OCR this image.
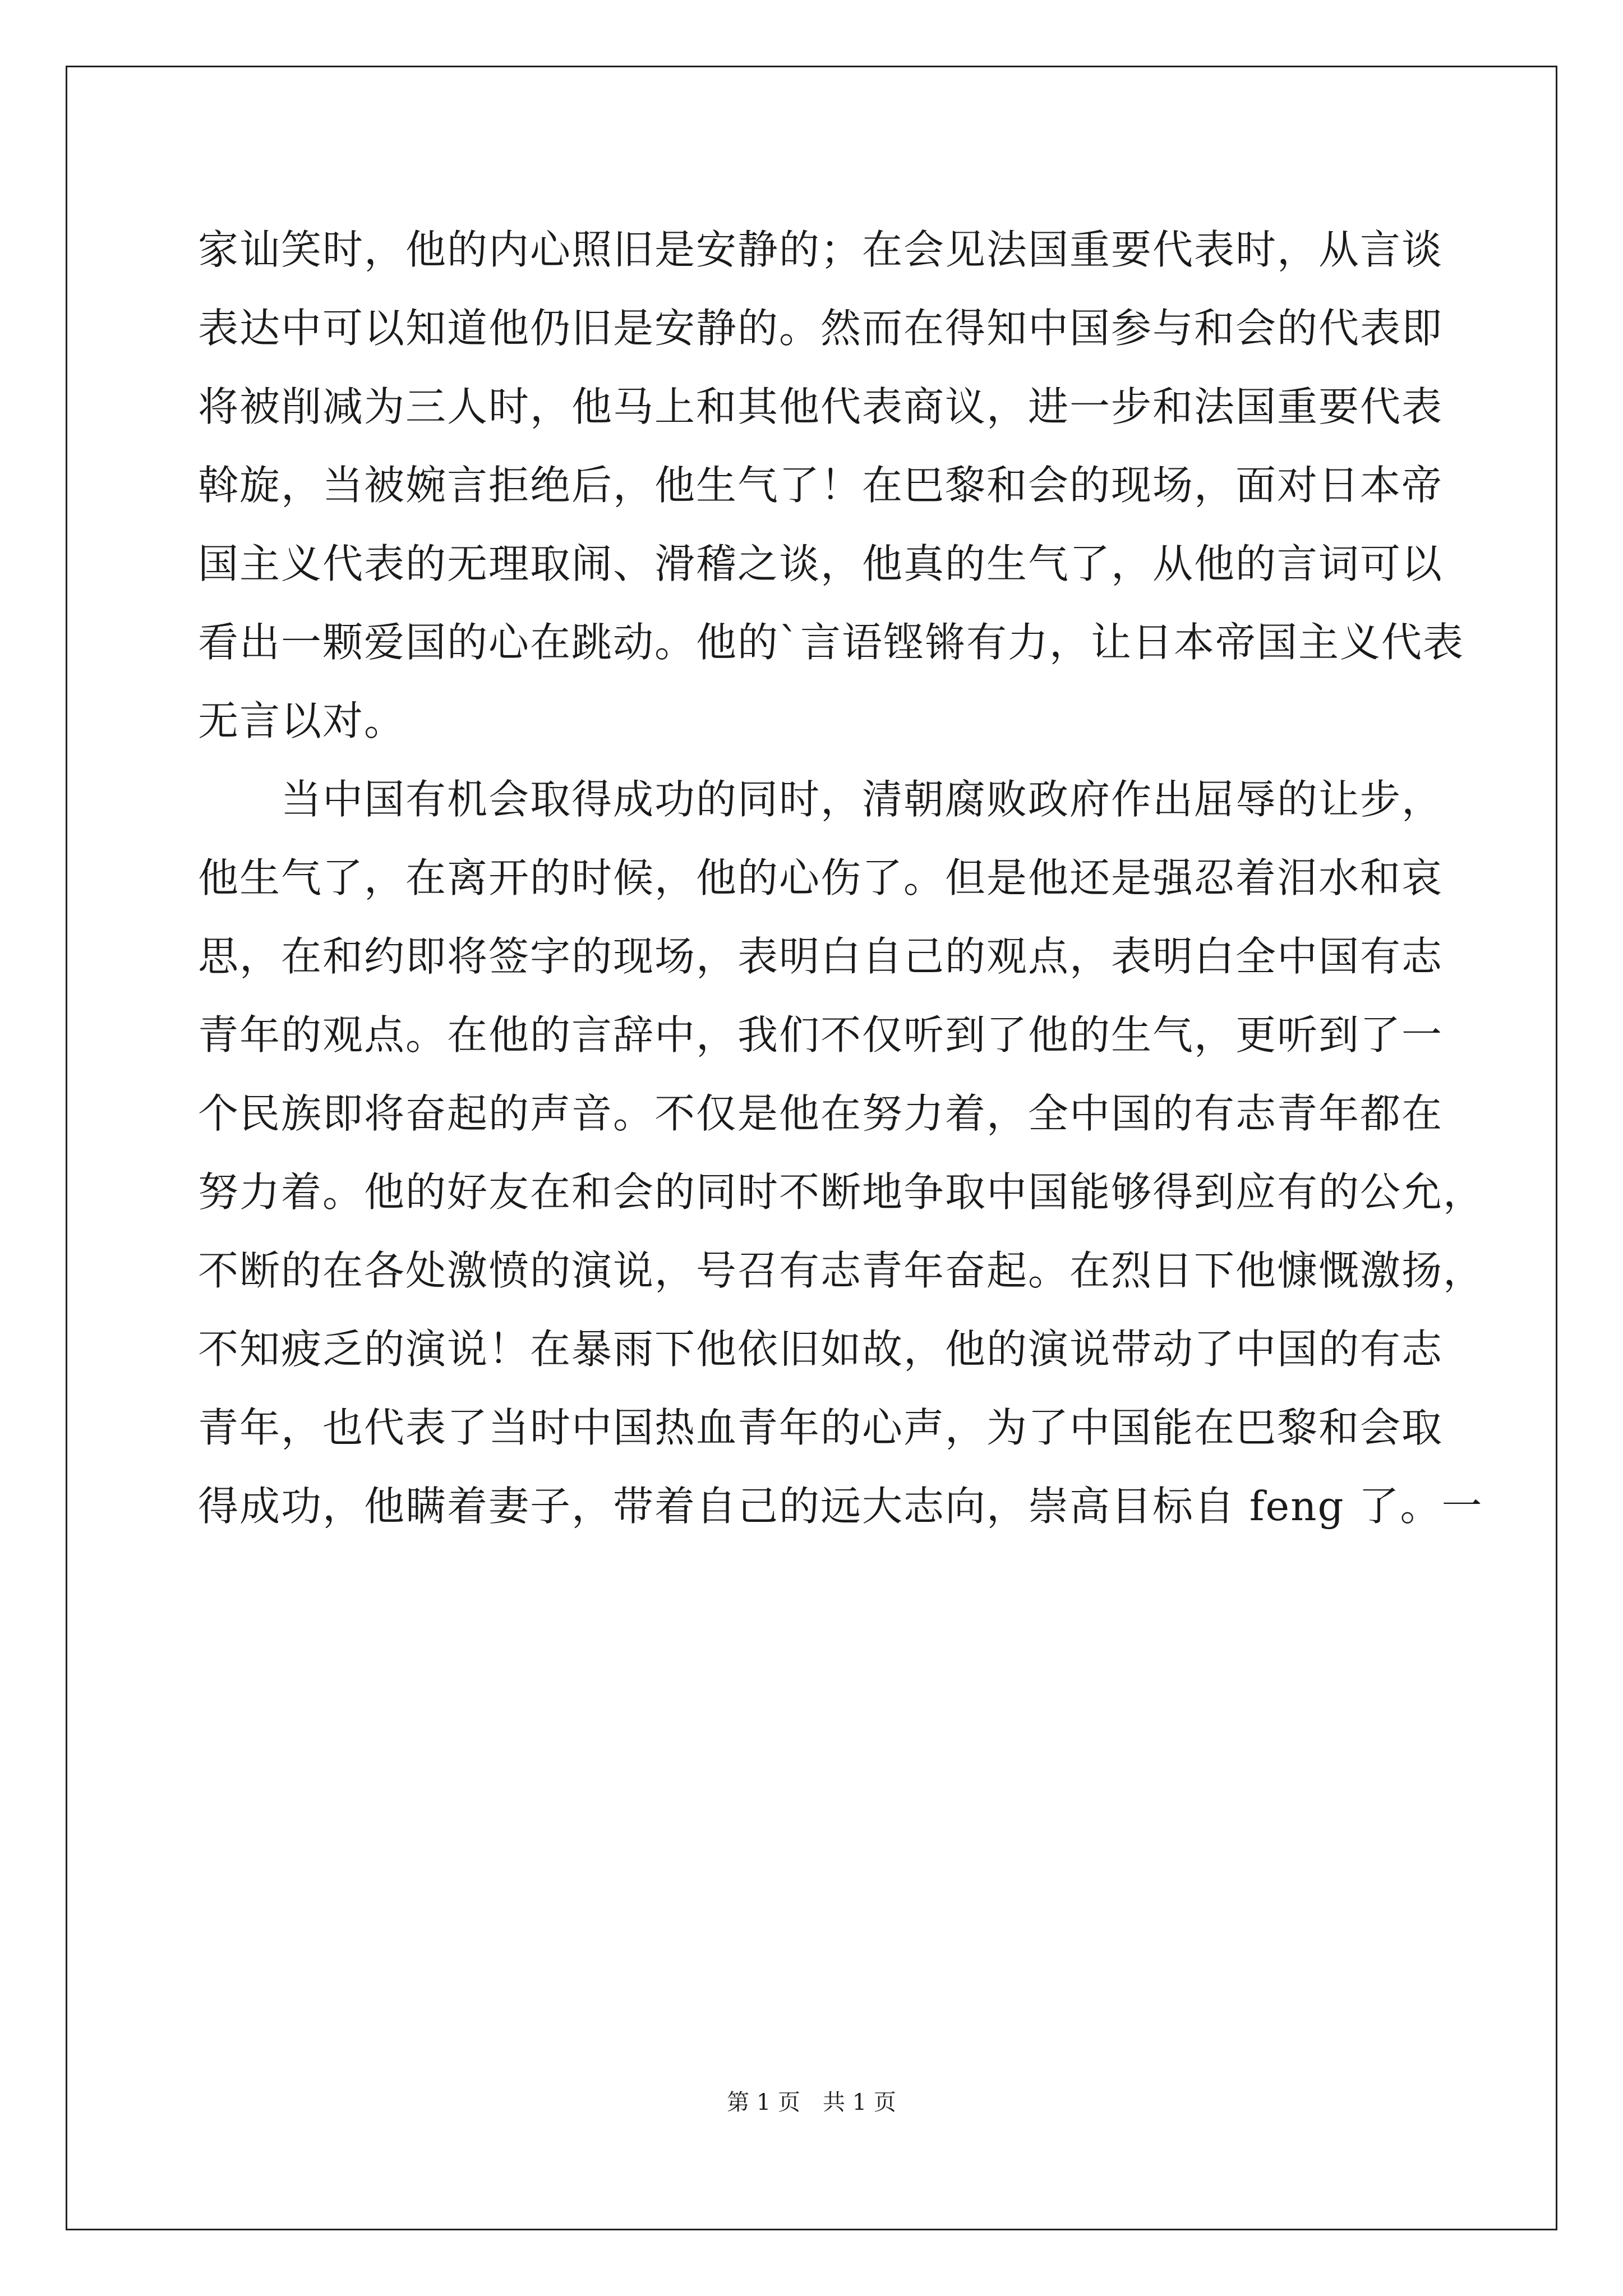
家讪笑时，他的内心照旧是安静的；在会见法国重要代表时，从言谈
表达中可以知道他仍旧是安静的。然而在得知中国参与和会的代表即
将被削减为三人时，他马上和其他代表商议，进一步和法国重要代表
斡旋，当被婉言拒绝后，他生气了！在巴黎和会的现场，面对日本帝
国主义代表的无理取闹、滑稽之谈，他真的生气了，从他的言词可以
看出一颗爱国的心在跳动。他的`言语铿锵有力，让日本帝国主义代表
无言以对。
　　当中国有机会取得成功的同时，清朝腐败政府作出屈辱的让步，
他生气了，在离开的时候，他的心伤了。但是他还是强忍着泪水和哀
思，在和约即将签字的现场，表明白自己的观点，表明白全中国有志
青年的观点。在他的言辞中，我们不仅听到了他的生气，更听到了一
个民族即将奋起的声音。不仅是他在努力着，全中国的有志青年都在
努力着。他的好友在和会的同时不断地争取中国能够得到应有的公允，
不断的在各处激愤的演说，号召有志青年奋起。在烈日下他慷慨激扬，
不知疲乏的演说！在暴雨下他依旧如故，他的演说带动了中国的有志
青年，也代表了当时中国热血青年的心声，为了中国能在巴黎和会取
得成功，他瞒着妻子，带着自己的远大志向，崇高目标自 feng 了。一
第 1 页　共 1 页
